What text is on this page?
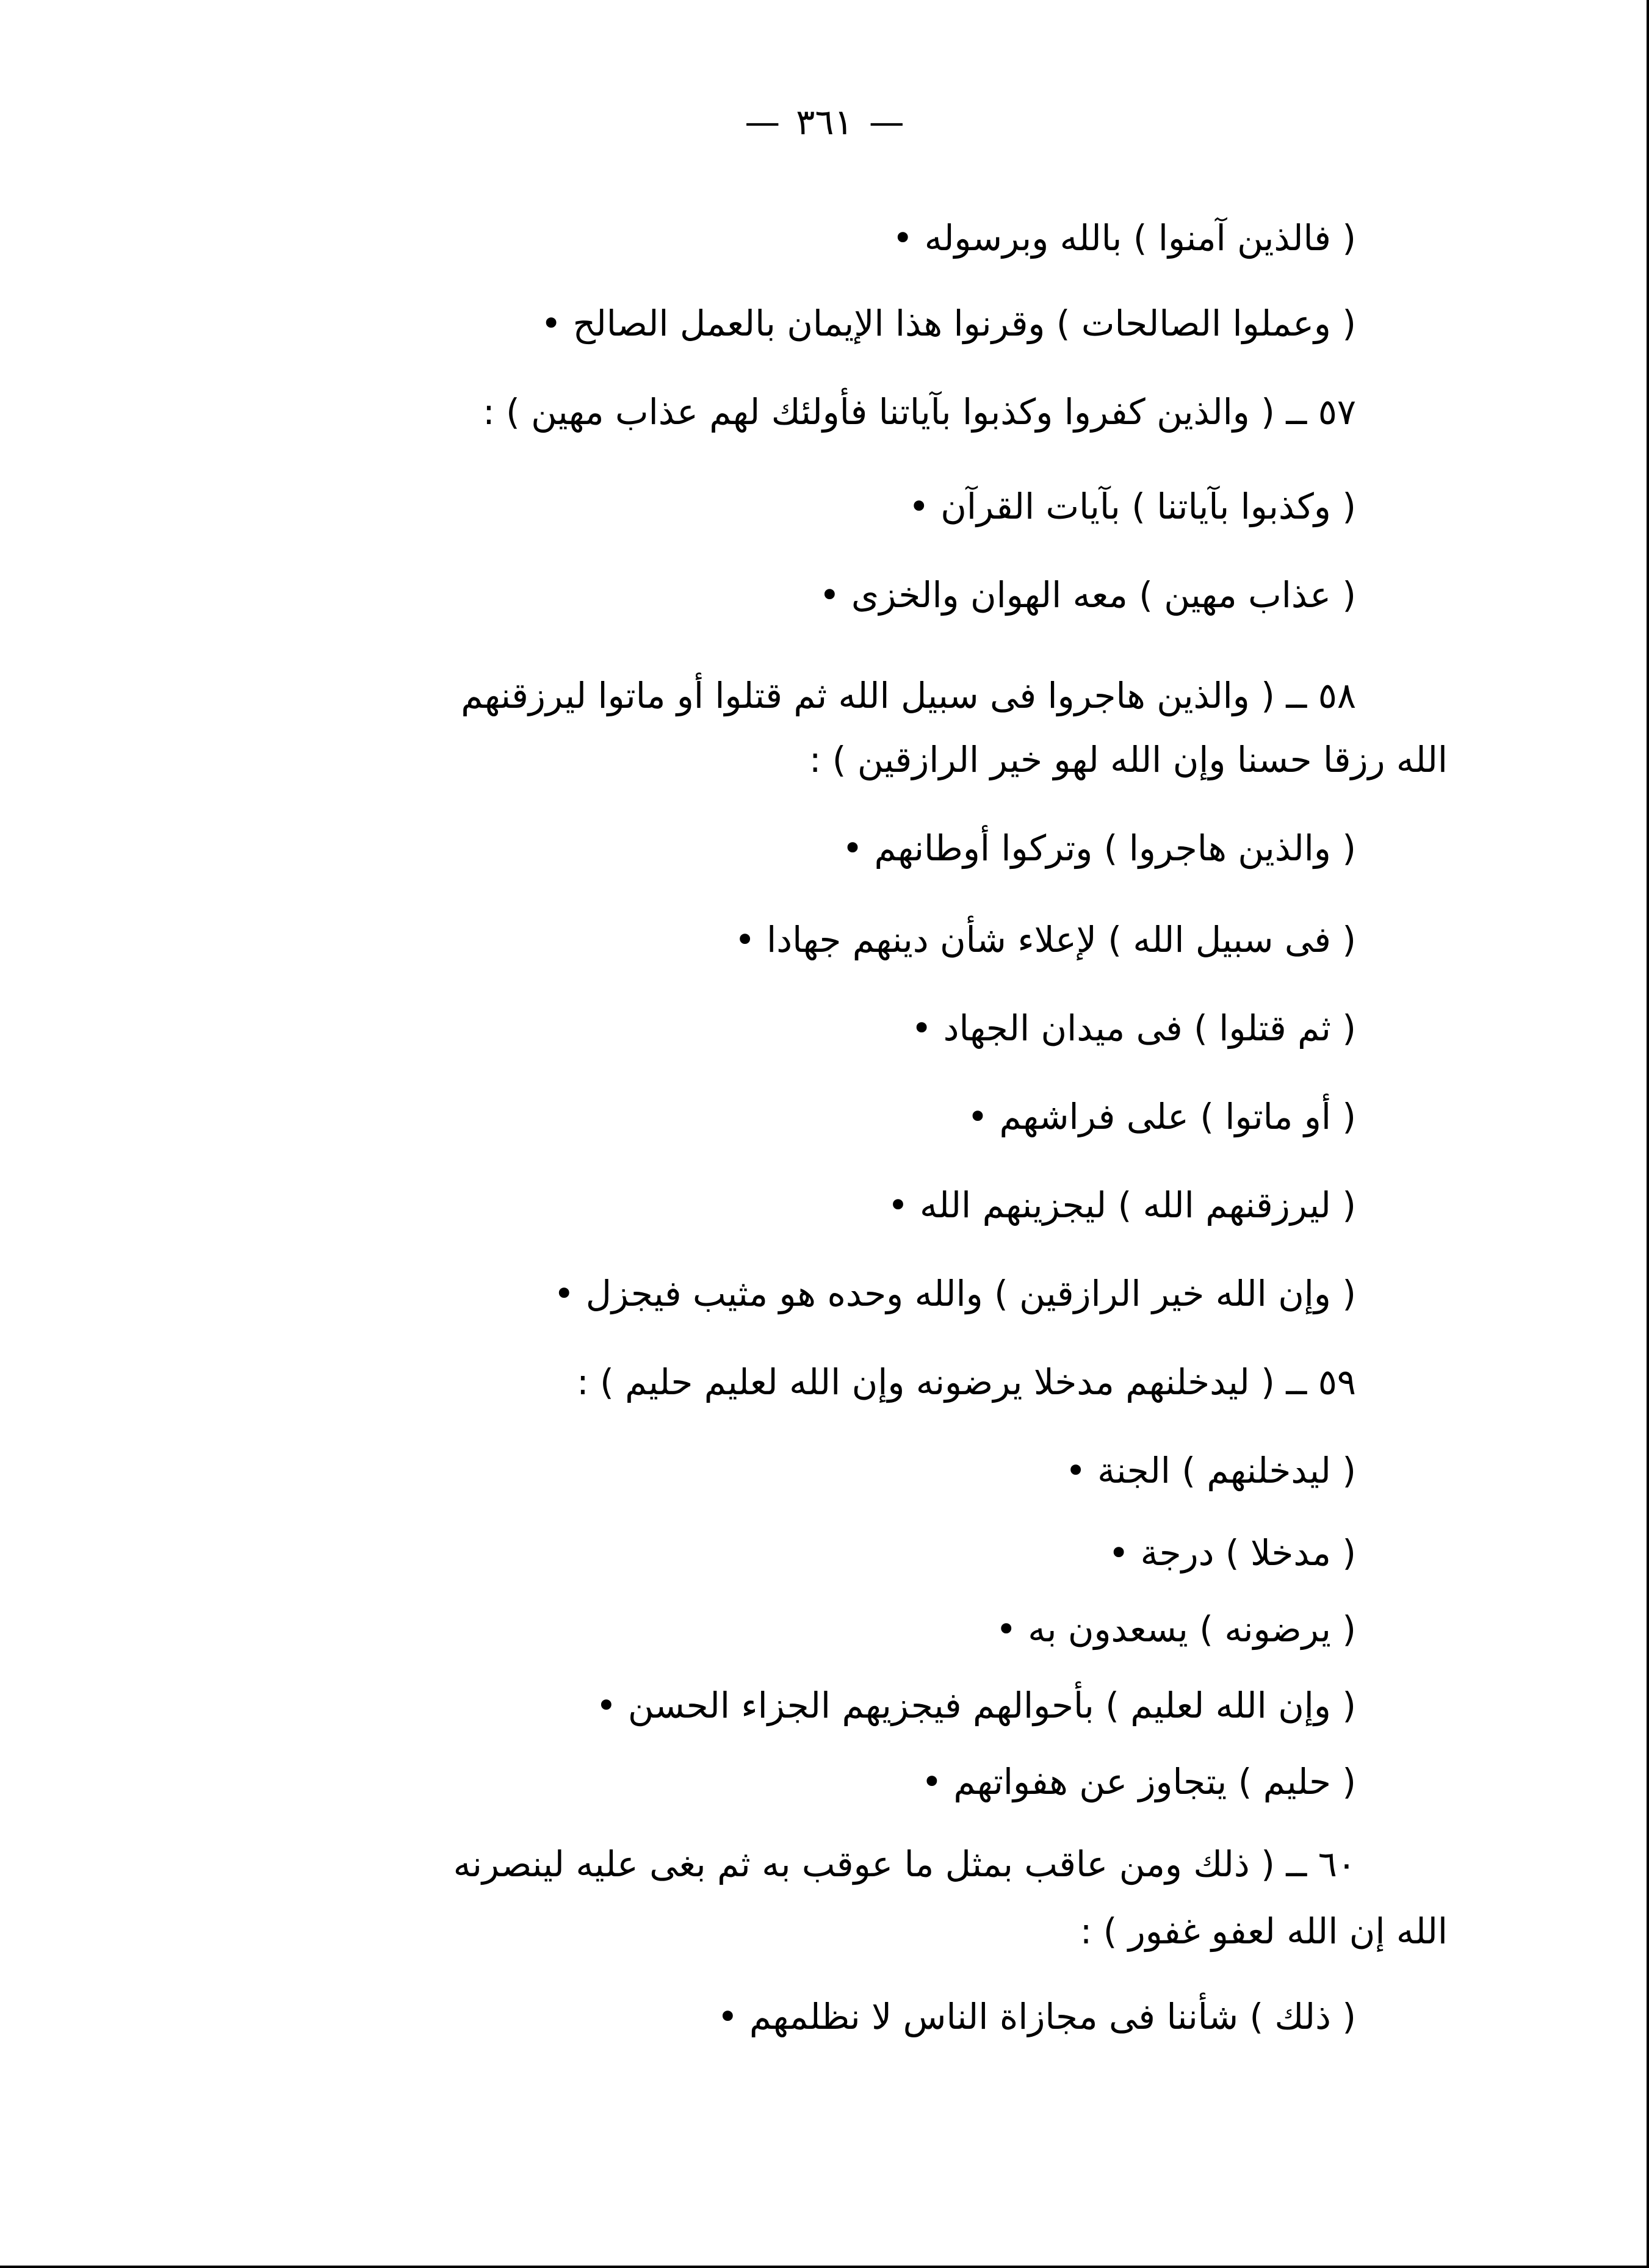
—٣٦١—
( فالذين آمنوا ) بالله وبرسوله •
( وعملوا الصالحات ) وقرنوا هذا الإيمان بالعمل الصالح •
٥٧ ــ ( والذين كفروا وكذبوا بآياتنا فأولئك لهم عذاب مهين ) :
( وكذبوا بآياتنا ) بآيات القرآن •
( عذاب مهين ) معه الهوان والخزى •
٥٨ ــ ( والذين هاجروا فى سبيل الله ثم قتلوا أو ماتوا ليرزقنهم
الله رزقا حسنا وإن الله لهو خير الرازقين ) :
( والذين هاجروا ) وتركوا أوطانهم •
( فى سبيل الله ) لإعلاء شأن دينهم جهادا •
( ثم قتلوا ) فى ميدان الجهاد •
( أو ماتوا ) على فراشهم •
( ليرزقنهم الله ) ليجزينهم الله •
( وإن الله خير الرازقين ) والله وحده هو مثيب فيجزل •
٥٩ ــ ( ليدخلنهم مدخلا يرضونه وإن الله لعليم حليم ) :
( ليدخلنهم ) الجنة •
( مدخلا ) درجة •
( يرضونه ) يسعدون به •
( وإن الله لعليم ) بأحوالهم فيجزيهم الجزاء الحسن •
( حليم ) يتجاوز عن هفواتهم •
٦٠ ــ ( ذلك ومن عاقب بمثل ما عوقب به ثم بغى عليه لينصرنه
الله إن الله لعفو غفور ) :
( ذلك ) شأننا فى مجازاة الناس لا نظلمهم •
